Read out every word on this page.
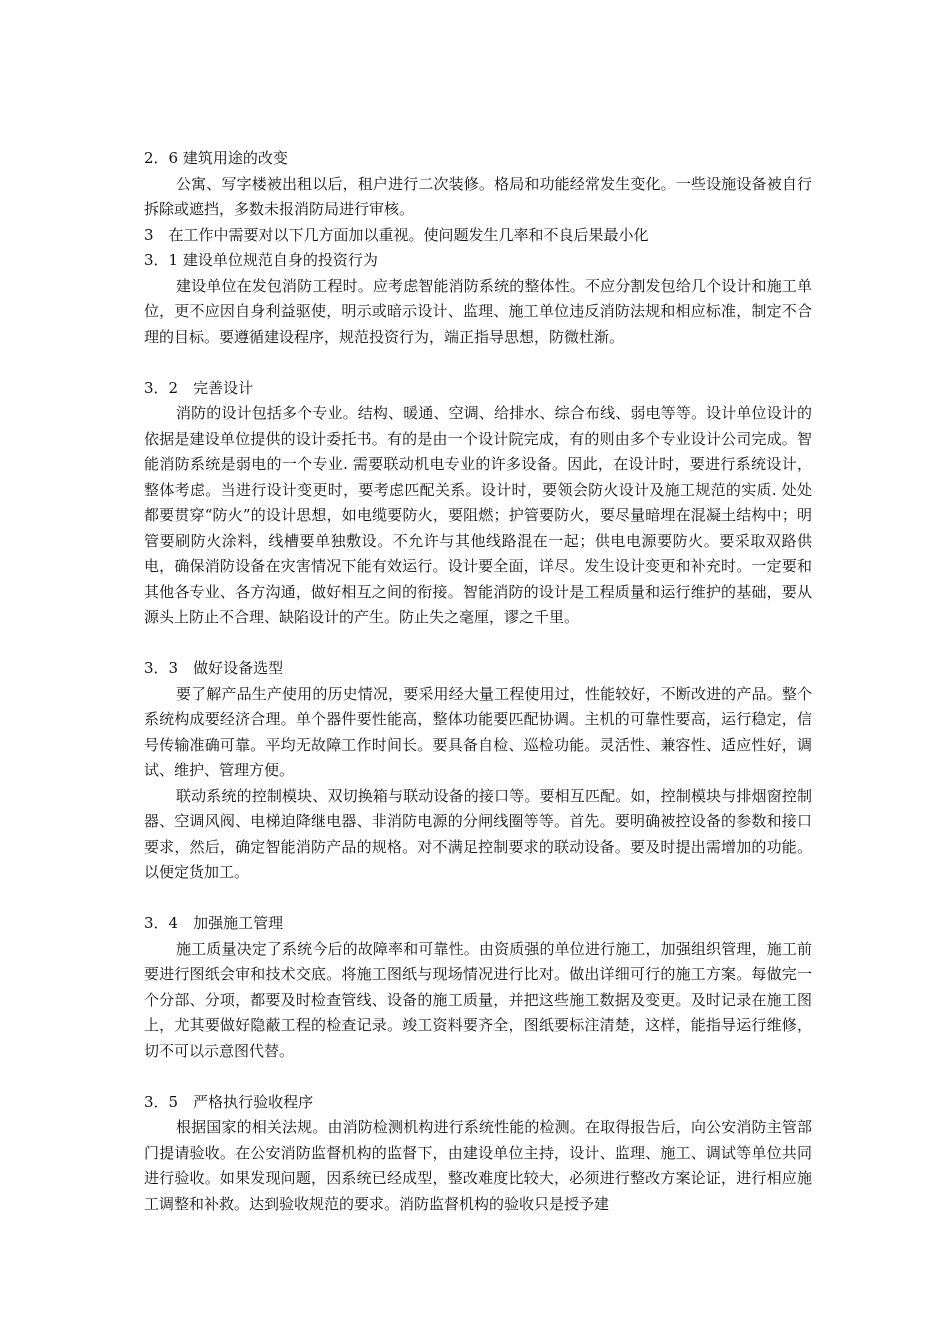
2．6 建筑用途的改变

公寓、写字楼被出租以后，租户进行二次装修。格局和功能经常发生变化。一些设施设备被自行拆除或遮挡，多数未报消防局进行审核。

3　在工作中需要对以下几方面加以重视。使问题发生几率和不良后果最小化
3．1 建设单位规范自身的投资行为

建设单位在发包消防工程时。应考虑智能消防系统的整体性。不应分割发包给几个设计和施工单位，更不应因自身利益驱使，明示或暗示设计、监理、施工单位违反消防法规和相应标准，制定不合理的目标。要遵循建设程序，规范投资行为，端正指导思想，防微杜渐。

3．2　完善设计

消防的设计包括多个专业。结构、暖通、空调、给排水、综合布线、弱电等等。设计单位设计的依据是建设单位提供的设计委托书。有的是由一个设计院完成，有的则由多个专业设计公司完成。智能消防系统是弱电的一个专业. 需要联动机电专业的许多设备。因此，在设计时，要进行系统设计，整体考虑。当进行设计变更时，要考虑匹配关系。设计时，要领会防火设计及施工规范的实质. 处处都要贯穿“防火”的设计思想，如电缆要防火，要阻燃；护管要防火，要尽量暗埋在混凝土结构中；明管要刷防火涂料，线槽要单独敷设。不允许与其他线路混在一起；供电电源要防火。要采取双路供电，确保消防设备在灾害情况下能有效运行。设计要全面，详尽。发生设计变更和补充时。一定要和其他各专业、各方沟通，做好相互之间的衔接。智能消防的设计是工程质量和运行维护的基础，要从源头上防止不合理、缺陷设计的产生。防止失之毫厘，谬之千里。

3．3　做好设备选型

要了解产品生产使用的历史情况，要采用经大量工程使用过，性能较好，不断改进的产品。整个系统构成要经济合理。单个器件要性能高，整体功能要匹配协调。主机的可靠性要高，运行稳定，信号传输准确可靠。平均无故障工作时间长。要具备自检、巡检功能。灵活性、兼容性、适应性好，调试、维护、管理方便。

联动系统的控制模块、双切换箱与联动设备的接口等。要相互匹配。如，控制模块与排烟窗控制器、空调风阀、电梯迫降继电器、非消防电源的分闸线圈等等。首先。要明确被控设备的参数和接口要求，然后，确定智能消防产品的规格。对不满足控制要求的联动设备。要及时提出需增加的功能。以便定货加工。

3．4　加强施工管理

施工质量决定了系统今后的故障率和可靠性。由资质强的单位进行施工，加强组织管理，施工前要进行图纸会审和技术交底。将施工图纸与现场情况进行比对。做出详细可行的施工方案。每做完一个分部、分项，都要及时检查管线、设备的施工质量，并把这些施工数据及变更。及时记录在施工图上，尤其要做好隐蔽工程的检查记录。竣工资料要齐全，图纸要标注清楚，这样，能指导运行维修，切不可以示意图代替。

3．5　严格执行验收程序

根据国家的相关法规。由消防检测机构进行系统性能的检测。在取得报告后，向公安消防主管部门提请验收。在公安消防监督机构的监督下，由建设单位主持，设计、监理、施工、调试等单位共同进行验收。如果发现问题，因系统已经成型，整改难度比较大，必须进行整改方案论证，进行相应施工调整和补救。达到验收规范的要求。消防监督机构的验收只是授予建
